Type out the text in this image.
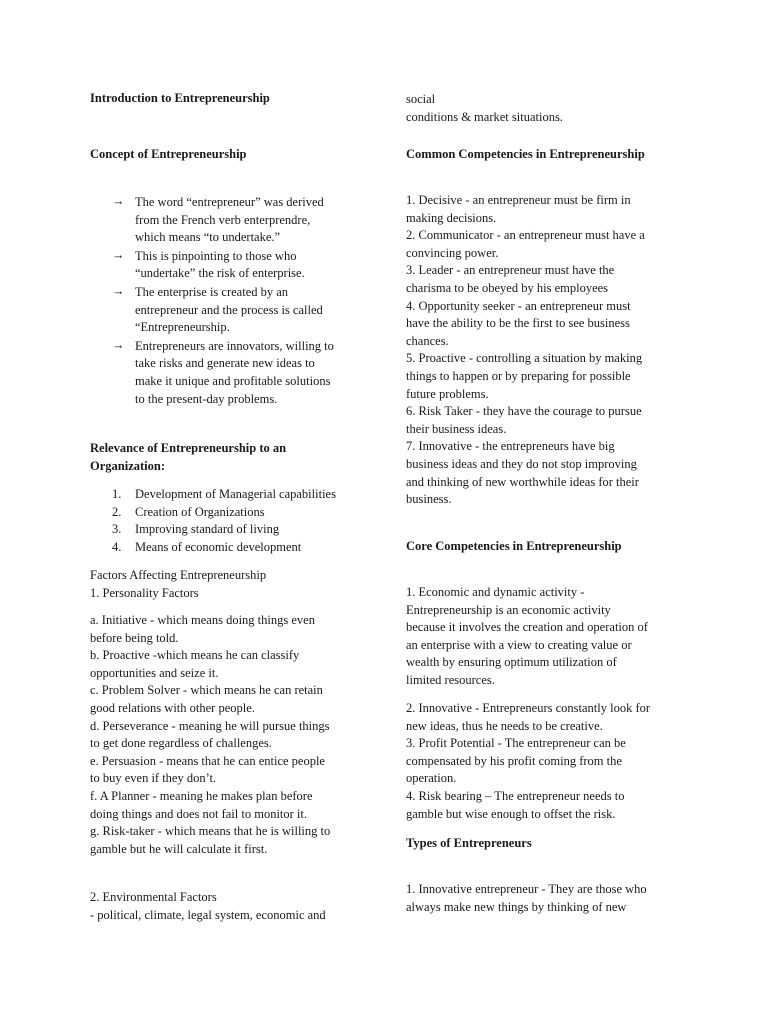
Introduction to Entrepreneurship
Concept of Entrepreneurship
→ The word “entrepreneur” was derived
from the French verb enterprendre,
which means “to undertake.”
→ This is pinpointing to those who
“undertake” the risk of enterprise.
→ The enterprise is created by an
entrepreneur and the process is called
“Entrepreneurship.
→ Entrepreneurs are innovators, willing to
take risks and generate new ideas to
make it unique and profitable solutions
to the present-day problems.
Relevance of Entrepreneurship to an
Organization:
1. Development of Managerial capabilities
2. Creation of Organizations
3. Improving standard of living
4. Means of economic development
Factors Affecting Entrepreneurship
1. Personality Factors
a. Initiative - which means doing things even
before being told.
b. Proactive -which means he can classify
opportunities and seize it.
c. Problem Solver - which means he can retain
good relations with other people.
d. Perseverance - meaning he will pursue things
to get done regardless of challenges.
e. Persuasion - means that he can entice people
to buy even if they don’t.
f. A Planner - meaning he makes plan before
doing things and does not fail to monitor it.
g. Risk-taker - which means that he is willing to
gamble but he will calculate it first.
2. Environmental Factors
- political, climate, legal system, economic and
social
conditions & market situations.
Common Competencies in Entrepreneurship
1. Decisive - an entrepreneur must be firm in
making decisions.
2. Communicator - an entrepreneur must have a
convincing power.
3. Leader - an entrepreneur must have the
charisma to be obeyed by his employees
4. Opportunity seeker - an entrepreneur must
have the ability to be the first to see business
chances.
5. Proactive - controlling a situation by making
things to happen or by preparing for possible
future problems.
6. Risk Taker - they have the courage to pursue
their business ideas.
7. Innovative - the entrepreneurs have big
business ideas and they do not stop improving
and thinking of new worthwhile ideas for their
business.
Core Competencies in Entrepreneurship
1. Economic and dynamic activity -
Entrepreneurship is an economic activity
because it involves the creation and operation of
an enterprise with a view to creating value or
wealth by ensuring optimum utilization of
limited resources.
2. Innovative - Entrepreneurs constantly look for
new ideas, thus he needs to be creative.
3. Profit Potential - The entrepreneur can be
compensated by his profit coming from the
operation.
4. Risk bearing – The entrepreneur needs to
gamble but wise enough to offset the risk.
Types of Entrepreneurs
1. Innovative entrepreneur - They are those who
always make new things by thinking of new
